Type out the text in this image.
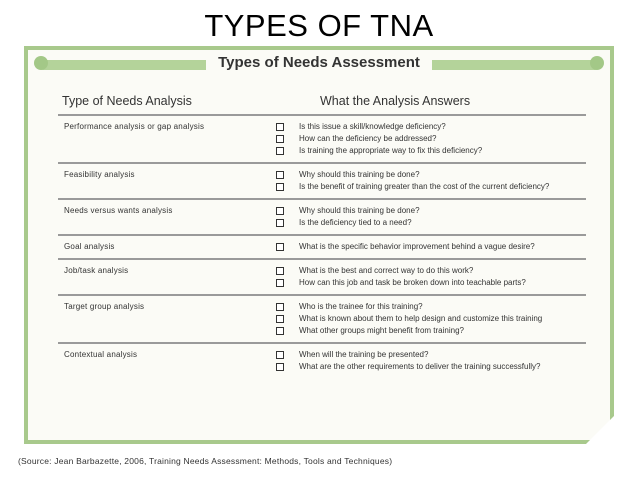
TYPES OF TNA
Types of Needs Assessment
Type of Needs Analysis	What the Analysis Answers
Performance analysis or gap analysis	Is this issue a skill/knowledge deficiency?
How can the deficiency be addressed?
Is training the appropriate way to fix this deficiency?
Feasibility analysis	Why should this training be done?
Is the benefit of training greater than the cost of the current deficiency?
Needs versus wants analysis	Why should this training be done?
Is the deficiency tied to a need?
Goal analysis	What is the specific behavior improvement behind a vague desire?
Job/task analysis	What is the best and correct way to do this work?
How can this job and task be broken down into teachable parts?
Target group analysis	Who is the trainee for this training?
What is known about them to help design and customize this training
What other groups might benefit from training?
Contextual analysis	When will the training be presented?
What are the other requirements to deliver the training successfully?
(Source: Jean Barbazette, 2006, Training Needs Assessment: Methods, Tools and Techniques)
